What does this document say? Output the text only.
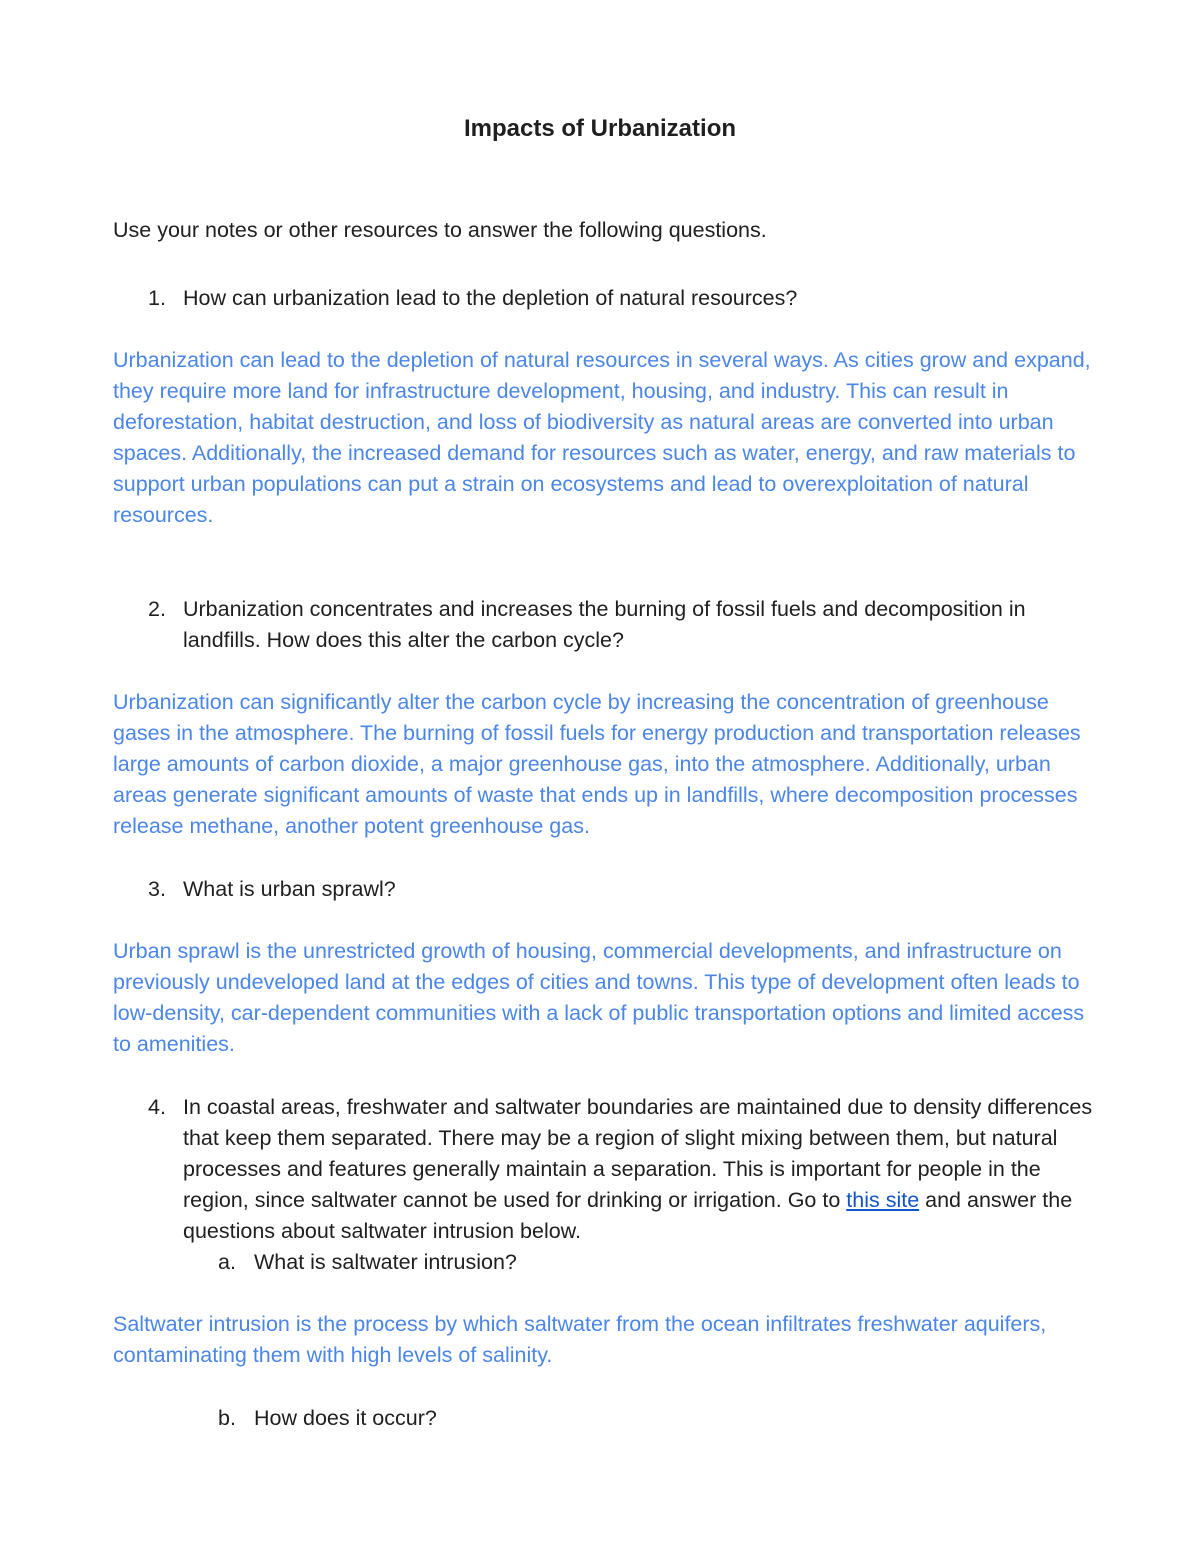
Impacts of Urbanization

Use your notes or other resources to answer the following questions.

1. How can urbanization lead to the depletion of natural resources?
Urbanization can lead to the depletion of natural resources in several ways. As cities grow and expand, they require more land for infrastructure development, housing, and industry. This can result in deforestation, habitat destruction, and loss of biodiversity as natural areas are converted into urban spaces. Additionally, the increased demand for resources such as water, energy, and raw materials to support urban populations can put a strain on ecosystems and lead to overexploitation of natural resources.
2. Urbanization concentrates and increases the burning of fossil fuels and decomposition in landfills. How does this alter the carbon cycle?
Urbanization can significantly alter the carbon cycle by increasing the concentration of greenhouse gases in the atmosphere. The burning of fossil fuels for energy production and transportation releases large amounts of carbon dioxide, a major greenhouse gas, into the atmosphere. Additionally, urban areas generate significant amounts of waste that ends up in landfills, where decomposition processes release methane, another potent greenhouse gas.
3. What is urban sprawl?
Urban sprawl is the unrestricted growth of housing, commercial developments, and infrastructure on previously undeveloped land at the edges of cities and towns. This type of development often leads to low-density, car-dependent communities with a lack of public transportation options and limited access to amenities.
4. In coastal areas, freshwater and saltwater boundaries are maintained due to density differences that keep them separated. There may be a region of slight mixing between them, but natural processes and features generally maintain a separation. This is important for people in the region, since saltwater cannot be used for drinking or irrigation. Go to this site and answer the questions about saltwater intrusion below.
a. What is saltwater intrusion?
Saltwater intrusion is the process by which saltwater from the ocean infiltrates freshwater aquifers, contaminating them with high levels of salinity.
b. How does it occur?
